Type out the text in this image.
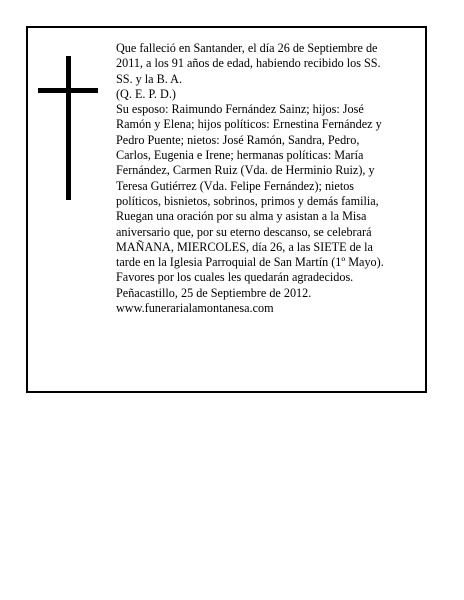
Que falleció en Santander, el día 26 de Septiembre de

2011, a los 91 años de edad, habiendo recibido los SS.

SS. y la B. A.

(Q. E. P. D.)

Su esposo: Raimundo Fernández Sainz; hijos: José

Ramón y Elena; hijos políticos: Ernestina Fernández y

Pedro Puente; nietos: José Ramón, Sandra, Pedro,

Carlos, Eugenia e Irene; hermanas políticas: María

Fernández, Carmen Ruiz (Vda. de Herminio Ruiz), y

Teresa Gutiérrez (Vda. Felipe Fernández); nietos

políticos, bisnietos, sobrinos, primos y demás familia,

Ruegan una oración por su alma y asistan a la Misa

aniversario que, por su eterno descanso, se celebrará

MAÑANA, MIERCOLES, día 26, a las SIETE de la

tarde en la Iglesia Parroquial de San Martín (1º Mayo).

Favores por los cuales les quedarán agradecidos.

Peñacastillo, 25 de Septiembre de 2012.

www.funerarialamontanesa.com
